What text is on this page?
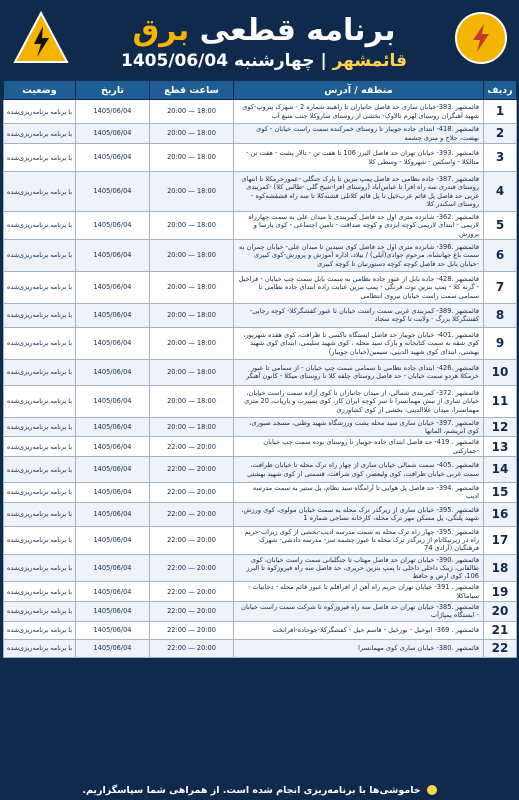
برنامه قطعی برق
قائمشهر | چهارشنبه 1405/06/04
ردیف	منطقه / آدرس	ساعت قطع	تاریخ	وضعیت
1	قائمشهر .383-خیابان ساری حد فاصل جانباران تا راهبند شماره 2 - شهرک پتروپ-کوی شهید آهنگران روستای لهرم تالاوک- بخشی از روستای ساروکلا جنب منبع آب	18:00 — 20:00	1405/06/04	با برنامه برنامه‌ریزی‌شده
2	قائمشهر .418- ابتدای جاده جویبار تا روستای خمرکنده سمت راست خیابان - کوی نهضت، حلاج و منزی چشمه	18:00 — 20:00	1405/06/04	با برنامه برنامه‌ریزی‌شده
3	قائمشهر .393- خیابان تهران حد فاصل البرز 106 تا هفت تن - تالار پشت - هفت تن - متالکلا - واسکس - شهروکلا - وسطی کلا	18:00 — 20:00	1405/06/04	با برنامه برنامه‌ریزی‌شده
4	قائمشهر .387- جاده نظامی حد فاصل پمپ بنزین تا پارک جنگلی -عمورخرمکلا تا انتهای روستای قندری سه راه افرا تا عباس‌آباد (روستای افرا-شیخ گلی -طالبی کلا) -کمربندی غربی حد فاصل پل قائم عرب‌خیل تا پل قائم کلاتلی قشنه‌کلا تا سه راه قشقشه‌کوه - روستای اسکندر کلا	18:00 — 20:00	1405/06/04	با برنامه برنامه‌ریزی‌شده
5	قائمشهر .362- شانزده متری اول حد فاصل کمربندی تا میدان علی به سمت چهارراه لاریمی - ابتدای لاریمی کوچه ایزدی و کوچه صداقت - تامین اجتماعی - کوی پارسا و پرورش	18:00 — 20:00	1405/06/04	با برنامه برنامه‌ریزی‌شده
6	قائمشهر .396- شانزده متری اول حد فاصل کوی سیدین تا میدان علی- خیابان چمران به سمت باغ جهانشاه، مرحوم جوادی(آیلی) / بیلاد، اداره آموزش و پرورش-کوی کبیری -خیابان بابل حد فاصل کوچه کوچه دستورنیان تا کوچه کبیری	18:00 — 20:00	1405/06/04	با برنامه برنامه‌ریزی‌شده
7	قائمشهر .428- جاده بابل از عبور جاده نظامی به سمت بابل سمت چپ خیابان - قراخیل - گرنه کلا - پمپ بنزین توت فرنگی - پمپ بنزین عنایت زاده ابتدای جاده نظامی تا سمامی سمت راست خیابان نیروی انتظامی	18:00 — 20:00	1405/06/04	با برنامه برنامه‌ریزی‌شده
8	قائمشهر .389- کمربندی غربی سمت راست خیابان تا عبور کفشگرکلا- کوچه رجایی- کفشگرکلا بزرگ - ولایت تا کوچه سجاد	18:00 — 20:00	1405/06/04	با برنامه برنامه‌ریزی‌شده
9	قائمشهر .401- خیابان جویبار حد فاصل ایستگاه تاکسی تا ظرافت، کوی هفده شهریور، کوی شقه به سمت کتابخانه و پارک سید محله ، کوی شهید سلیمی، ابتدای کوی شهید بهشتی، ابتدای کوی شهید الدینی، سیمین(خیابان جویبار)	18:00 — 20:00	1405/06/04	با برنامه برنامه‌ریزی‌شده
10	قائمشهر .426- ابتدای جاده نظامی تا سمامی سمت چپ خیابان - از سمامی تا عبور خرمکلا هردو سمت خیابان - حد فاصل روستای چلفه کلا تا روستای میکلا - کانون آهنگر	18:00 — 20:00	1405/06/04	با برنامه برنامه‌ریزی‌شده
11	قائمشهر .372- کمربندی شمالی، از میدان جانبازان تا کوی آزاده سمت راست خیابان، خیابان ساری از نبش مهمانسرا تا سر کوچه ایران کار، کوی بسیرت و پاریاب، 20 متری مهمانسرا، میدان علاالدینی، بخشی از کوی کشاورزی	18:00 — 20:00	1405/06/04	با برنامه برنامه‌ریزی‌شده
12	قائمشهر .397- خیابان ساری سید محله بشت ورزشگاه شهید وطنی، مسجد صبوری، کوی ابریشم، المانها	18:00 — 20:00	1405/06/04	با برنامه برنامه‌ریزی‌شده
13	قائمشهر . 419- حد فاصل ابتدای جاده جویبار تا روستای نوده سمت چپ خیابان -جمازکتی	20:00 — 22:00	1405/06/04	با برنامه برنامه‌ریزی‌شده
14	قائمشهر .405- سمت شمالی خیابان ساری از چهار راه ترک محله تا خیابان ظرافت، سمت غربی خیابان ظرافت، کوی ولیعصر، کوی شرافت، قسمتی از کوی شهید بهشتی	20:00 — 22:00	1405/06/04	با برنامه برنامه‌ریزی‌شده
15	قائمشهر .394- حد فاصل پل هوایی تا آرامگاه سید نظام، پل ستیر به سمت مدرسه ادیب	20:00 — 22:00	1405/06/04	با برنامه برنامه‌ریزی‌شده
16	قائمشهر .395- خیابان ساری از زیرگذر ترک محله به سمت خیابان مولوی، کوی ورزش، شهید پلنگی، پل مسکن مهر ترک محله، کارخانه نساجی شماره 1	20:00 — 22:00	1405/06/04	با برنامه برنامه‌ریزی‌شده
17	قائمشهر .395- چهار راه ترک محله به سمت مدرسه ادیب-بخشی از کوی زیراب-حریم راه در زیرنیکانام از زیرگذر ترک محله تا عبور چشمه سر- مدرسه دادشی- شهرک فرهنگیان (آزادی 74	20:00 — 22:00	1405/06/04	با برنامه برنامه‌ریزی‌شده
18	قائمشهر .390- خیابان تهران حد فاصل مهتاب تا جنگلبانی سمت راست خیابان، کوی طالقانی، زینک داخلی داخلی تا پمپ بنزین حریری، حد فاصل سه راه فیروزکوه تا البرز 106، کوی ارض و حافظ	20:00 — 22:00	1405/06/04	با برنامه برنامه‌ریزی‌شده
19	قائمشهر . 391- خیابان تهران حریم راه آهن از افرافلم تا عبور قائم محله - دخانیات - سیاماکلا	20:00 — 22:00	1405/06/04	با برنامه برنامه‌ریزی‌شده
20	قائمشهر .385- خیابان تهران حد فاصل سه راه فیروزکوه تا شرکت سمت راست خیابان - ایستگاه پمپاژآب	20:00 — 22:00	1405/06/04	با برنامه برنامه‌ریزی‌شده
21	قائمشهر . 369- ابوخیل - بورخیل - قاسم خیل - کفشگرکلا-جوجاده-افراتخت	20:00 — 22:00	1405/06/04	با برنامه برنامه‌ریزی‌شده
22	قائمشهر .380- خیابان ساری کوی مهمانسرا	20:00 — 22:00	1405/06/04	با برنامه برنامه‌ریزی‌شده
خاموشی‌ها با برنامه‌ریزی انجام شده است. از همراهی شما سپاسگزاریم.
